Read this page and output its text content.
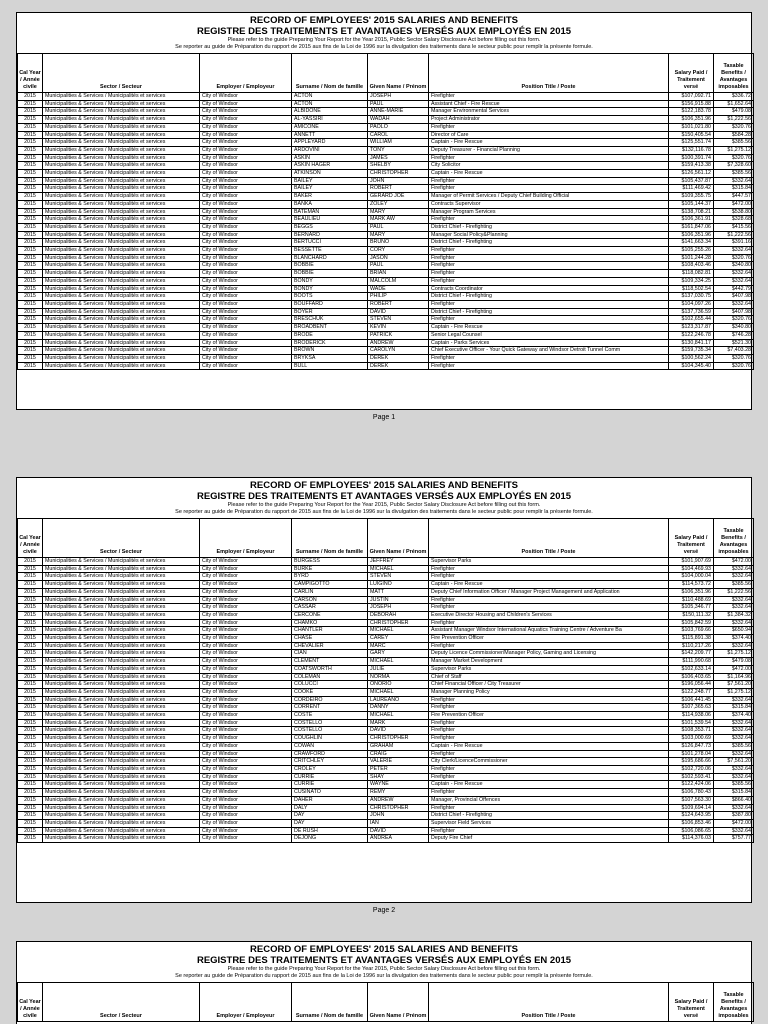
RECORD OF EMPLOYEES' 2015 SALARIES AND BENEFITS
REGISTRE DES TRAITEMENTS ET AVANTAGES VERSÉS AUX EMPLOYÉS EN 2015
Please refer to the guide Preparing Your Report for the Year 2015, Public Sector Salary Disclosure Act before filling out this form.
Se reporter au guide de Préparation du rapport de 2015 aux fins de la Loi de 1996 sur la divulgation des traitements dans le secteur public pour remplir la présente formule.
Cal Year / Année civile	Sector / Secteur	Employer / Employeur	Surname / Nom de famille	Given Name / Prénom	Position Title / Poste	Salary Paid / Traitement versé	Taxable Benefits / Avantages imposables
2015	Municipalities & Services / Municipalités et services	City of Windsor	ACTON	JOSEPH	Firefighter	$107,092.71	$336.72
2015	Municipalities & Services / Municipalités et services	City of Windsor	ACTON	PAUL	Assistant Chief - Fire Rescue	$156,915.88	$1,652.64
2015	Municipalities & Services / Municipalités et services	City of Windsor	ALBIDONE	ANNE-MARIE	Manager Environmental Services	$122,183.78	$479.08
2015	Municipalities & Services / Municipalités et services	City of Windsor	AL-YASSIRI	WADAH	Project Administrator	$106,351.96	$1,222.56
2015	Municipalities & Services / Municipalités et services	City of Windsor	AMICONE	PAOLO	Firefighter	$101,021.80	$320.76
2015	Municipalities & Services / Municipalités et services	City of Windsor	ANNETT	CAROL	Director of Care	$150,405.54	$584.28
2015	Municipalities & Services / Municipalités et services	City of Windsor	APPLEYARD	WILLIAM	Captain - Fire Rescue	$125,551.74	$385.56
2015	Municipalities & Services / Municipalités et services	City of Windsor	ARDOVINI	TONY	Deputy Treasurer - Financial Planning	$132,116.78	$1,275.12
2015	Municipalities & Services / Municipalités et services	City of Windsor	ASKIN	JAMES	Firefighter	$100,391.74	$320.76
2015	Municipalities & Services / Municipalités et services	City of Windsor	ASKIN HAGER	SHELBY	City Solicitor	$159,413.38	$7,328.60
2015	Municipalities & Services / Municipalités et services	City of Windsor	ATKINSON	CHRISTOPHER	Captain - Fire Rescue	$126,561.12	$385.56
2015	Municipalities & Services / Municipalités et services	City of Windsor	BAILEY	JOHN	Firefighter	$105,437.87	$332.64
2015	Municipalities & Services / Municipalités et services	City of Windsor	BAILEY	ROBERT	Firefighter	$111,469.42	$315.84
2015	Municipalities & Services / Municipalités et services	City of Windsor	BAKER	GERARD JOE	Manager of Permit Services / Deputy Chief Building Official	$109,355.75	$447.57
2015	Municipalities & Services / Municipalités et services	City of Windsor	BANKA	ZOLEY	Contracts Supervisor	$105,144.37	$472.00
2015	Municipalities & Services / Municipalités et services	City of Windsor	BATEMAN	MARY	Manager Program Services	$138,708.21	$538.80
2015	Municipalities & Services / Municipalités et services	City of Windsor	BEAULIEU	MARK AW	Firefighter	$106,361.91	$328.68
2015	Municipalities & Services / Municipalités et services	City of Windsor	BEGGS	PAUL	District Chief - Firefighting	$161,847.06	$415.56
2015	Municipalities & Services / Municipalités et services	City of Windsor	BERNARD	MARY	Manager Social Policy&Planning	$106,351.96	$1,222.56
2015	Municipalities & Services / Municipalités et services	City of Windsor	BERTUCCI	BRUNO	District Chief - Firefighting	$141,663.34	$391.16
2015	Municipalities & Services / Municipalités et services	City of Windsor	BESSETTE	CORY	Firefighter	$105,255.26	$332.64
2015	Municipalities & Services / Municipalités et services	City of Windsor	BLANCHARD	JASON	Firefighter	$101,244.28	$320.76
2015	Municipalities & Services / Municipalités et services	City of Windsor	BOBBIE	PAUL	Firefighter	$108,403.46	$340.80
2015	Municipalities & Services / Municipalités et services	City of Windsor	BOBBIE	BRIAN	Firefighter	$118,082.81	$332.64
2015	Municipalities & Services / Municipalités et services	City of Windsor	BONDY	MALCOLM	Firefighter	$109,334.25	$332.64
2015	Municipalities & Services / Municipalités et services	City of Windsor	BONDY	WADE	Contracts Coordinator	$118,502.54	$442.79
2015	Municipalities & Services / Municipalités et services	City of Windsor	BOOTS	PHILIP	District Chief - Firefighting	$137,030.75	$407.98
2015	Municipalities & Services / Municipalités et services	City of Windsor	BOUFFARD	ROBERT	Firefighter	$104,097.26	$332.64
2015	Municipalities & Services / Municipalités et services	City of Windsor	BOYER	DAVID	District Chief - Firefighting	$137,736.59	$407.98
2015	Municipalities & Services / Municipalités et services	City of Windsor	BRESCHUK	STEVEN	Firefighter	$102,655.44	$320.76
2015	Municipalities & Services / Municipalités et services	City of Windsor	BROADBENT	KEVIN	Captain - Fire Rescue	$123,317.87	$340.80
2015	Municipalities & Services / Municipalités et services	City of Windsor	BRODE	PATRICK	Senior Legal Counsel	$122,246.78	$746.28
2015	Municipalities & Services / Municipalités et services	City of Windsor	BRODERICK	ANDREW	Captain - Parks Services	$130,841.17	$521.30
2015	Municipalities & Services / Municipalités et services	City of Windsor	BROWN	CAROLYN	Chief Executive Officer - Your Quick Gateway and Windsor Detroit Tunnel Comm	$159,735.34	$7,403.28
2015	Municipalities & Services / Municipalités et services	City of Windsor	BRYKSA	DEREK	Firefighter	$100,562.24	$320.76
2015	Municipalities & Services / Municipalités et services	City of Windsor	BULL	DEREK	Firefighter	$104,345.40	$320.76
Page 1
RECORD OF EMPLOYEES' 2015 SALARIES AND BENEFITS
REGISTRE DES TRAITEMENTS ET AVANTAGES VERSÉS AUX EMPLOYÉS EN 2015
Please refer to the guide Preparing Your Report for the Year 2015, Public Sector Salary Disclosure Act before filling out this form.
Se reporter au guide de Préparation du rapport de 2015 aux fins de la Loi de 1996 sur la divulgation des traitements dans le secteur public pour remplir la présente formule.
Cal Year / Année civile	Sector / Secteur	Employer / Employeur	Surname / Nom de famille	Given Name / Prénom	Position Title / Poste	Salary Paid / Traitement versé	Taxable Benefits / Avantages imposables
2015	Municipalities & Services / Municipalités et services	City of Windsor	BURGESS	JEFFREY	Supervisor Parks	$101,907.69	$472.00
2015	Municipalities & Services / Municipalités et services	City of Windsor	BURKE	MICHAEL	Firefighter	$104,469.93	$332.64
2015	Municipalities & Services / Municipalités et services	City of Windsor	BYRD	STEVEN	Firefighter	$104,000.04	$332.64
2015	Municipalities & Services / Municipalités et services	City of Windsor	CAMPIGOTTO	LUIGINO	Captain - Fire Rescue	$114,573.72	$385.56
2015	Municipalities & Services / Municipalités et services	City of Windsor	CARLIN	MATT	Deputy Chief Information Officer / Manager Project Management and Application	$106,351.96	$1,222.56
2015	Municipalities & Services / Municipalités et services	City of Windsor	CARSON	JUSTIN	Firefighter	$110,488.69	$332.64
2015	Municipalities & Services / Municipalités et services	City of Windsor	CASSAR	JOSEPH	Firefighter	$105,346.77	$332.64
2015	Municipalities & Services / Municipalités et services	City of Windsor	CERCONE	DEBORAH	Executive Director Housing and Children's Services	$150,111.32	$1,384.32
2015	Municipalities & Services / Municipalités et services	City of Windsor	CHAMKO	CHRISTOPHER	Firefighter	$105,842.59	$332.64
2015	Municipalities & Services / Municipalités et services	City of Windsor	CHANTLER	MICHAEL	Assistant Manager Windsor International Aquatics Training Centre / Adventure Ba	$103,769.66	$650.94
2015	Municipalities & Services / Municipalités et services	City of Windsor	CHASE	CAREY	Fire Prevention Officer	$115,891.38	$374.40
2015	Municipalities & Services / Municipalités et services	City of Windsor	CHEVALIER	MARC	Firefighter	$110,217.26	$332.64
2015	Municipalities & Services / Municipalités et services	City of Windsor	CIAN	GARY	Deputy Licence Commissioner/Manager Policy, Gaming and Licensing	$142,209.77	$1,275.12
2015	Municipalities & Services / Municipalités et services	City of Windsor	CLEMENT	MICHAEL	Manager Market Development	$111,990.68	$479.08
2015	Municipalities & Services / Municipalités et services	City of Windsor	COATSWORTH	JULIE	Supervisor Parks	$102,633.14	$472.00
2015	Municipalities & Services / Municipalités et services	City of Windsor	COLEMAN	NORMA	Chief of Staff	$106,403.65	$1,164.96
2015	Municipalities & Services / Municipalités et services	City of Windsor	COLUCCI	ONORIO	Chief Financial Officer / City Treasurer	$196,056.44	$7,561.20
2015	Municipalities & Services / Municipalités et services	City of Windsor	COOKE	MICHAEL	Manager Planning Policy	$122,248.77	$1,275.12
2015	Municipalities & Services / Municipalités et services	City of Windsor	CORDEIRO	LAUREANO	Firefighter	$106,441.45	$332.64
2015	Municipalities & Services / Municipalités et services	City of Windsor	CORRENT	DANNY	Firefighter	$107,365.63	$315.84
2015	Municipalities & Services / Municipalités et services	City of Windsor	COSTE	MICHAEL	Fire Prevention Officer	$114,938.06	$374.40
2015	Municipalities & Services / Municipalités et services	City of Windsor	COSTELLO	MARK	Firefighter	$101,539.54	$332.64
2015	Municipalities & Services / Municipalités et services	City of Windsor	COSTELLO	DAVID	Firefighter	$108,353.71	$332.64
2015	Municipalities & Services / Municipalités et services	City of Windsor	COUGHLIN	CHRISTOPHER	Firefighter	$103,000.69	$332.64
2015	Municipalities & Services / Municipalités et services	City of Windsor	COWAN	GRAHAM	Captain - Fire Rescue	$126,847.73	$385.56
2015	Municipalities & Services / Municipalités et services	City of Windsor	CRAWFORD	CRAIG	Firefighter	$101,278.04	$332.64
2015	Municipalities & Services / Municipalités et services	City of Windsor	CRITCHLEY	VALERIE	City Clerk/LicenceCommissioner	$195,686.66	$7,561.20
2015	Municipalities & Services / Municipalités et services	City of Windsor	CROLEY	PETER	Firefighter	$102,720.06	$332.64
2015	Municipalities & Services / Municipalités et services	City of Windsor	CURRIE	SHAY	Firefighter	$102,593.41	$332.64
2015	Municipalities & Services / Municipalités et services	City of Windsor	CURRIE	WAYNE	Captain - Fire Rescue	$122,424.06	$385.56
2015	Municipalities & Services / Municipalités et services	City of Windsor	CUSINATO	REMY	Firefighter	$106,780.43	$315.84
2015	Municipalities & Services / Municipalités et services	City of Windsor	DAHER	ANDREW	Manager, Provincial Offences	$107,563.30	$866.40
2015	Municipalities & Services / Municipalités et services	City of Windsor	DALY	CHRISTOPHER	Firefighter	$109,694.14	$332.64
2015	Municipalities & Services / Municipalités et services	City of Windsor	DAY	JOHN	District Chief - Firefighting	$124,643.95	$387.80
2015	Municipalities & Services / Municipalités et services	City of Windsor	DAY	IAN	Supervisor Field Services	$106,853.46	$472.00
2015	Municipalities & Services / Municipalités et services	City of Windsor	DE RUSH	DAVID	Firefighter	$106,086.65	$332.64
2015	Municipalities & Services / Municipalités et services	City of Windsor	DEJONG	ANDREA	Deputy Fire Chief	$114,376.03	$757.77
Page 2
RECORD OF EMPLOYEES' 2015 SALARIES AND BENEFITS
REGISTRE DES TRAITEMENTS ET AVANTAGES VERSÉS AUX EMPLOYÉS EN 2015
Please refer to the guide Preparing Your Report for the Year 2015, Public Sector Salary Disclosure Act before filling out this form.
Se reporter au guide de Préparation du rapport de 2015 aux fins de la Loi de 1996 sur la divulgation des traitements dans le secteur public pour remplir la présente formule.
Cal Year / Année civile	Sector / Secteur	Employer / Employeur	Surname / Nom de famille	Given Name / Prénom	Position Title / Poste	Salary Paid / Traitement versé	Taxable Benefits / Avantages imposables
